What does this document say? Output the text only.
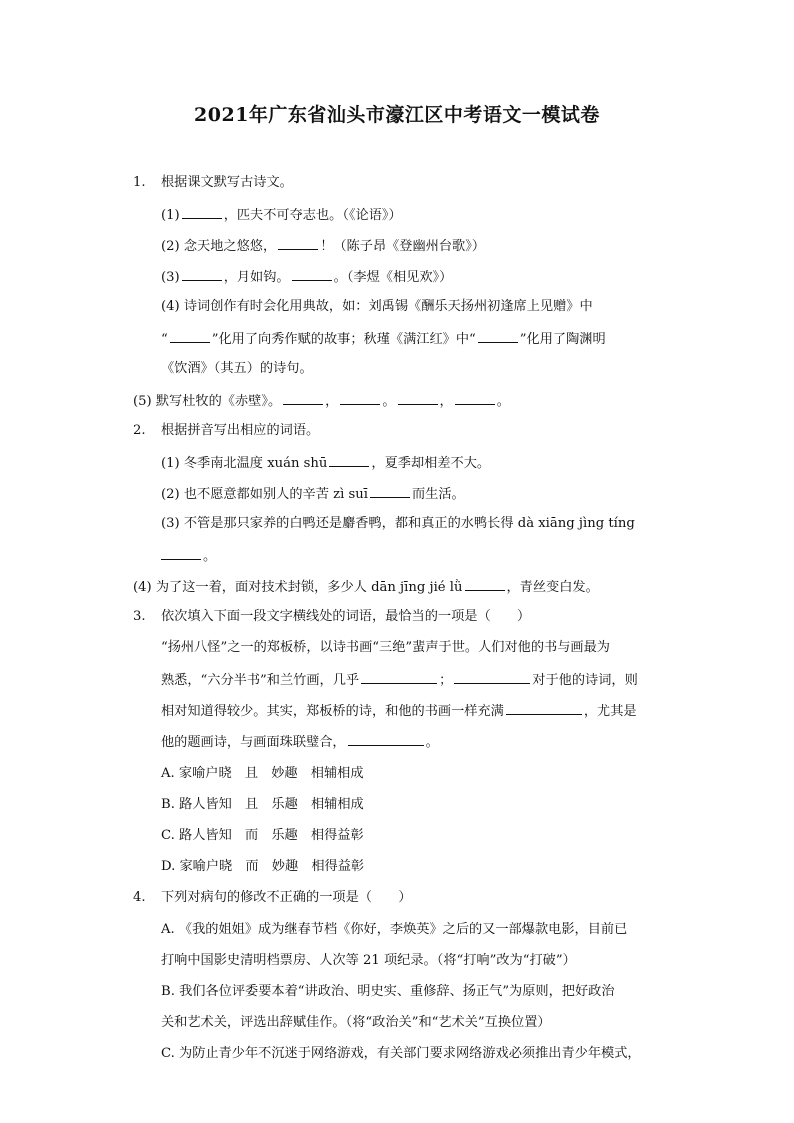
2021年广东省汕头市濠江区中考语文一模试卷
1. 根据课文默写古诗文。
(1)	，匹夫不可夺志也。（《论语》）
(2) 念天地之悠悠，	！（陈子昂《登幽州台歌》）
(3)	，月如钩。	。（李煜《相见欢》）
(4) 诗词创作有时会化用典故，如：刘禹锡《酬乐天扬州初逢席上见赠》中
“	”化用了向秀作赋的故事；秋瑾《满江红》中“	”化用了陶渊明
《饮酒》（其五）的诗句。
(5) 默写杜牧的《赤壁》。	，	。	，	。
2. 根据拼音写出相应的词语。
(1) 冬季南北温度 xuán shū	，夏季却相差不大。
(2) 也不愿意都如别人的辛苦 zì suī	而生活。
(3) 不管是那只家养的白鸭还是麝香鸭，都和真正的水鸭长得 dà xiāng jìng tíng
。
(4) 为了这一着，面对技术封锁，多少人 dān jīng jié lǜ	，青丝变白发。
3. 依次填入下面一段文字横线处的词语，最恰当的一项是（　　）
“扬州八怪”之一的郑板桥，以诗书画“三绝”蜚声于世。人们对他的书与画最为
熟悉，“六分半书”和兰竹画，几乎	；	对于他的诗词，则
相对知道得较少。其实，郑板桥的诗，和他的书画一样充满	，尤其是
他的题画诗，与画面珠联璧合，	。
A. 家喻户晓　且　妙趣　相辅相成
B. 路人皆知　且　乐趣　相辅相成
C. 路人皆知　而　乐趣　相得益彰
D. 家喻户晓　而　妙趣　相得益彰
4. 下列对病句的修改不正确的一项是（　　）
A. 《我的姐姐》成为继春节档《你好，李焕英》之后的又一部爆款电影，目前已
打响中国影史清明档票房、人次等 21 项纪录。（将“打响”改为“打破”）
B. 我们各位评委要本着“讲政治、明史实、重修辞、扬正气”为原则，把好政治
关和艺术关，评选出辞赋佳作。（将“政治关”和“艺术关”互换位置）
C. 为防止青少年不沉迷于网络游戏，有关部门要求网络游戏必须推出青少年模式，
